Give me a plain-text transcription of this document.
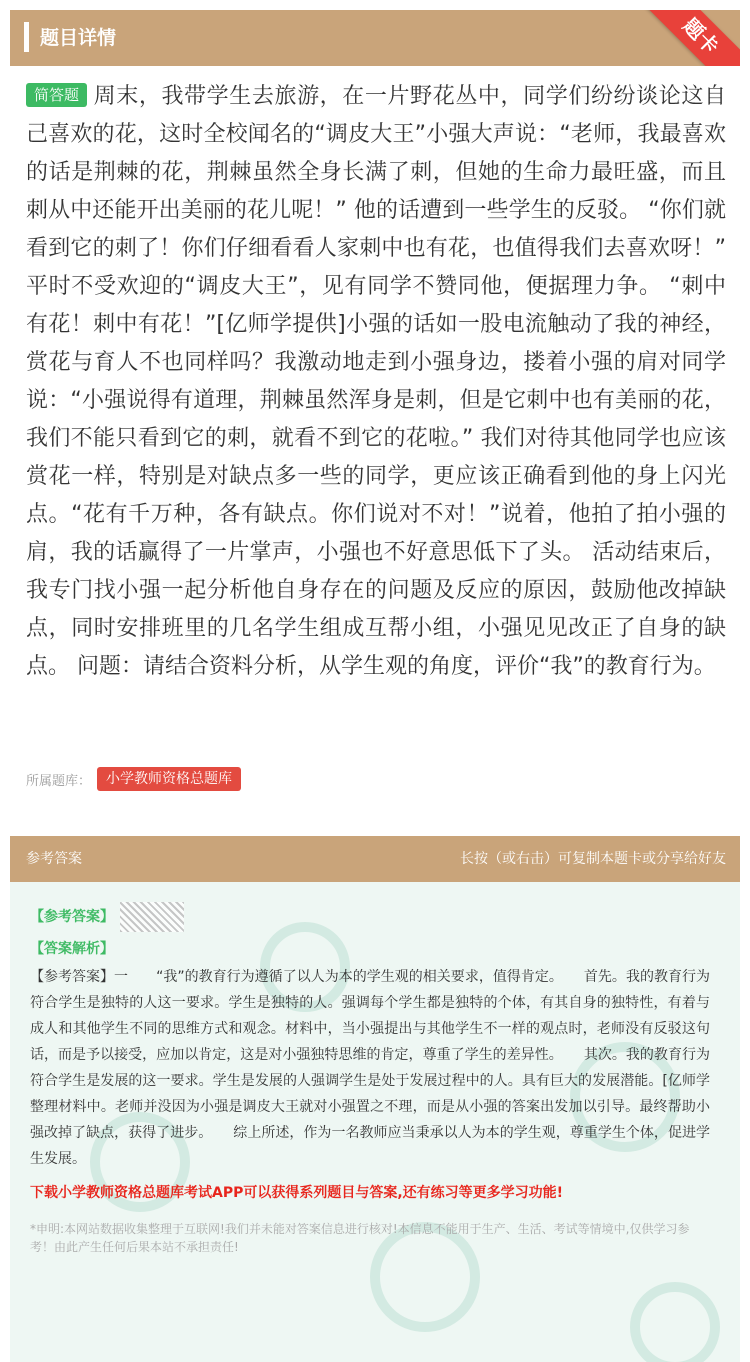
题目详情	题卡
简答题 周末，我带学生去旅游，在一片野花丛中，同学们纷纷谈论这自己喜欢的花，这时全校闻名的“调皮大王”小强大声说：“老师，我最喜欢的话是荆棘的花，荆棘虽然全身长满了刺，但她的生命力最旺盛，而且刺从中还能开出美丽的花儿呢！” 他的话遭到一些学生的反驳。 “你们就看到它的刺了！你们仔细看看人家刺中也有花，也值得我们去喜欢呀！” 平时不受欢迎的“调皮大王”，见有同学不赞同他，便据理力争。 “刺中有花！刺中有花！”[亿师学提供]小强的话如一股电流触动了我的神经，赏花与育人不也同样吗？我激动地走到小强身边，搂着小强的肩对同学说：“小强说得有道理，荆棘虽然浑身是刺，但是它刺中也有美丽的花，我们不能只看到它的刺，就看不到它的花啦。” 我们对待其他同学也应该赏花一样，特别是对缺点多一些的同学，更应该正确看到他的身上闪光点。“花有千万种，各有缺点。你们说对不对！”说着，他拍了拍小强的肩，我的话赢得了一片掌声，小强也不好意思低下了头。 活动结束后，我专门找小强一起分析他自身存在的问题及反应的原因，鼓励他改掉缺点，同时安排班里的几名学生组成互帮小组，小强见见改正了自身的缺点。 问题：请结合资料分析，从学生观的角度，评价“我”的教育行为。
所属题库：	小学教师资格总题库
参考答案	长按（或右击）可复制本题卡或分享给好友
【参考答案】
【答案解析】
【参考答案】一　　“我”的教育行为遵循了以人为本的学生观的相关要求，值得肯定。　　首先。我的教育行为符合学生是独特的人这一要求。学生是独特的人。强调每个学生都是独特的个体，有其自身的独特性，有着与成人和其他学生不同的思维方式和观念。材料中，当小强提出与其他学生不一样的观点时，老师没有反驳这句话，而是予以接受，应加以肯定，这是对小强独特思维的肯定，尊重了学生的差异性。　　其次。我的教育行为符合学生是发展的这一要求。学生是发展的人强调学生是处于发展过程中的人。具有巨大的发展潜能。[亿师学整理材料中。老师并没因为小强是调皮大王就对小强置之不理，而是从小强的答案出发加以引导。最终帮助小强改掉了缺点，获得了进步。　　综上所述，作为一名教师应当秉承以人为本的学生观，尊重学生个体，促进学生发展。
下载小学教师资格总题库考试APP可以获得系列题目与答案,还有练习等更多学习功能!
*申明:本网站数据收集整理于互联网!我们并未能对答案信息进行核对!本信息不能用于生产、生活、考试等情境中,仅供学习参考！由此产生任何后果本站不承担责任!
